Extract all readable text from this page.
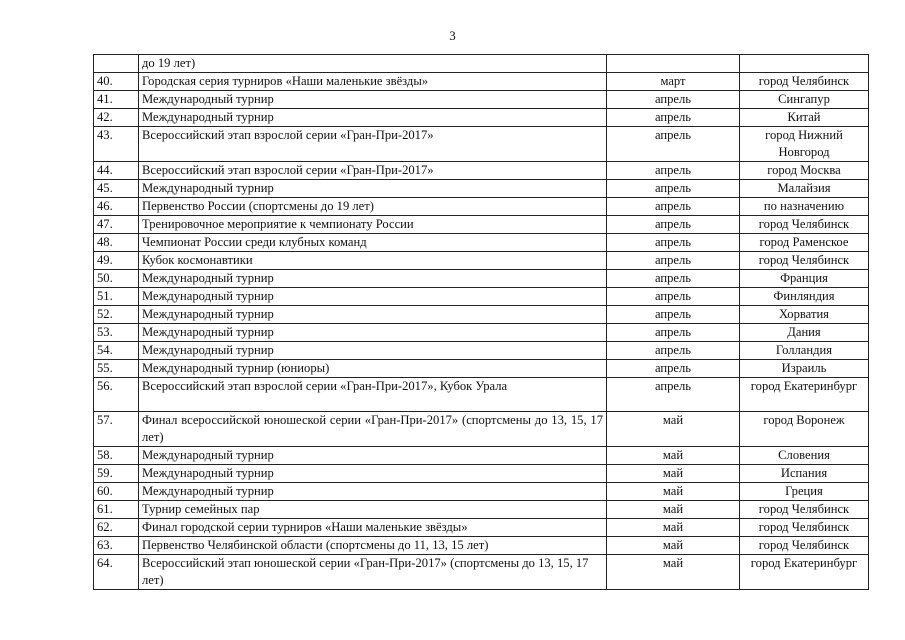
3
	до 19 лет)		
40.	Городская серия турниров «Наши маленькие звёзды»	март	город Челябинск
41.	Международный турнир	апрель	Сингапур
42.	Международный турнир	апрель	Китай
43.	Всероссийский этап взрослой серии «Гран-При-2017»	апрель	город Нижний Новгород
44.	Всероссийский этап взрослой серии «Гран-При-2017»	апрель	город Москва
45.	Международный турнир	апрель	Малайзия
46.	Первенство России (спортсмены до 19 лет)	апрель	по назначению
47.	Тренировочное мероприятие к чемпионату России	апрель	город Челябинск
48.	Чемпионат России среди клубных команд	апрель	город Раменское
49.	Кубок космонавтики	апрель	город Челябинск
50.	Международный турнир	апрель	Франция
51.	Международный турнир	апрель	Финляндия
52.	Международный турнир	апрель	Хорватия
53.	Международный турнир	апрель	Дания
54.	Международный турнир	апрель	Голландия
55.	Международный турнир (юниоры)	апрель	Израиль
56.	Всероссийский этап взрослой серии «Гран-При-2017», Кубок Урала	апрель	город Екатеринбург
57.	Финал всероссийской юношеской серии «Гран-При-2017» (спортсмены до 13, 15, 17 лет)	май	город Воронеж
58.	Международный турнир	май	Словения
59.	Международный турнир	май	Испания
60.	Международный турнир	май	Греция
61.	Турнир семейных пар	май	город Челябинск
62.	Финал городской серии турниров «Наши маленькие звёзды»	май	город Челябинск
63.	Первенство Челябинской области (спортсмены до 11, 13, 15 лет)	май	город Челябинск
64.	Всероссийский этап юношеской серии «Гран-При-2017» (спортсмены до 13, 15, 17 лет)	май	город Екатеринбург
